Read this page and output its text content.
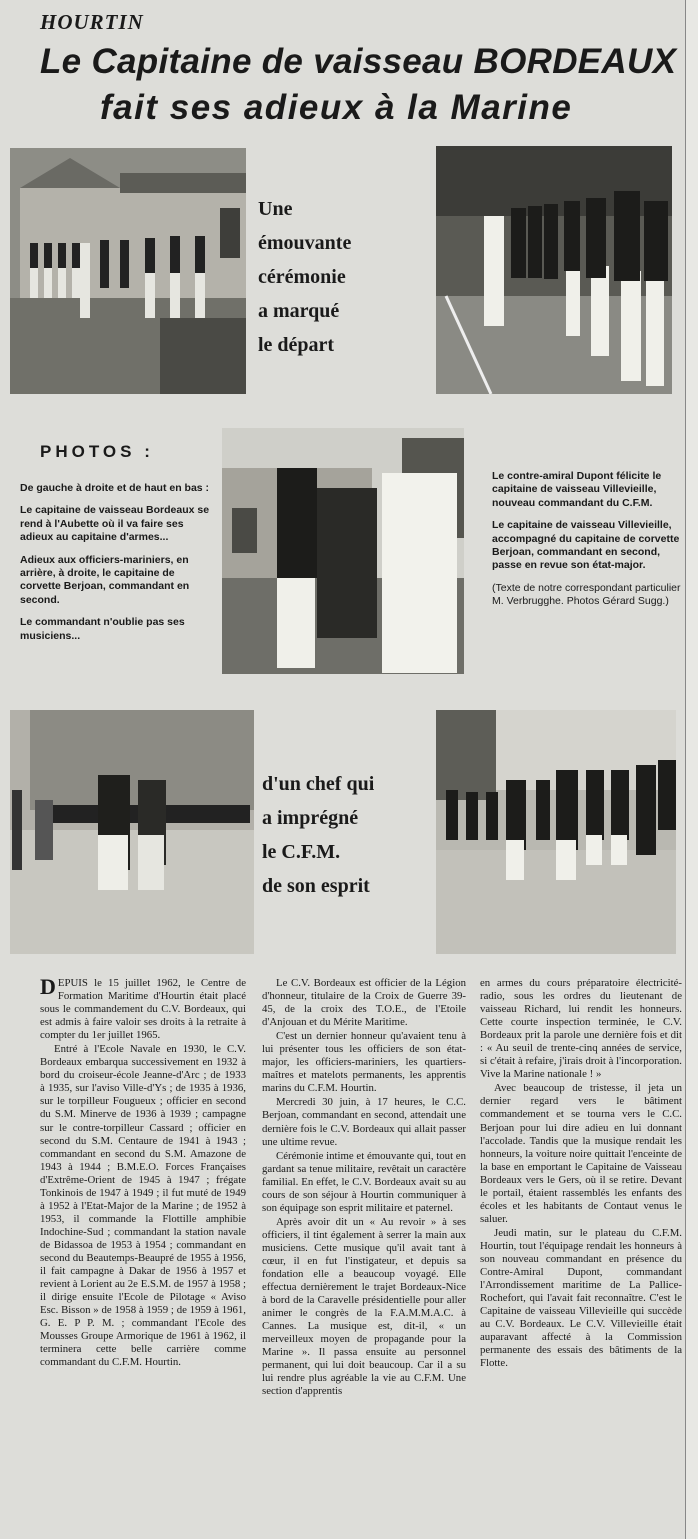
HOURTIN
Le Capitaine de vaisseau BORDEAUX
fait ses adieux à la Marine
Une
émouvante
cérémonie
a marqué
le départ
PHOTOS :

De gauche à droite et de haut en bas :

Le capitaine de vaisseau Bordeaux se rend à l'Aubette où il va faire ses adieux au capitaine d'armes...

Adieux aux officiers-mariniers, en arrière, à droite, le capitaine de corvette Berjoan, commandant en second.

Le commandant n'oublie pas ses musiciens...

Le contre-amiral Dupont félicite le capitaine de vaisseau Villevieille, nouveau commandant du C.F.M.

Le capitaine de vaisseau Villevieille, accompagné du capitaine de corvette Berjoan, commandant en second, passe en revue son état-major.

(Texte de notre correspondant particulier M. Verbrugghe. Photos Gérard Sugg.)

d'un chef qui
a imprégné
le C.F.M.
de son esprit

DEPUIS le 15 juillet 1962, le Centre de Formation Maritime d'Hourtin était placé sous le commandement du C.V. Bordeaux, qui est admis à faire valoir ses droits à la retraite à compter du 1er juillet 1965.

Entré à l'Ecole Navale en 1930, le C.V. Bordeaux embarqua successivement en 1932 à bord du croiseur-école Jeanne-d'Arc ; de 1933 à 1935, sur l'aviso Ville-d'Ys ; de 1935 à 1936, sur le torpilleur Fougueux ; officier en second du S.M. Minerve de 1936 à 1939 ; campagne sur le contre-torpilleur Cassard ; officier en second du S.M. Centaure de 1941 à 1943 ; commandant en second du S.M. Amazone de 1943 à 1944 ; B.M.E.O. Forces Françaises d'Extrême-Orient de 1945 à 1947 ; frégate Tonkinois de 1947 à 1949 ; il fut muté de 1949 à 1952 à l'Etat-Major de la Marine ; de 1952 à 1953, il commande la Flottille amphibie Indochine-Sud ; commandant la station navale de Bidassoa de 1953 à 1954 ; commandant en second du Beautemps-Beaupré de 1955 à 1956, il fait campagne à Dakar de 1956 à 1957 et revient à Lorient au 2e E.S.M. de 1957 à 1958 ; il dirige ensuite l'Ecole de Pilotage « Aviso Esc. Bisson » de 1958 à 1959 ; de 1959 à 1961, G. E. P P. M. ; commandant l'Ecole des Mousses Groupe Armorique de 1961 à 1962, il terminera cette belle carrière comme commandant du C.F.M. Hourtin.

Le C.V. Bordeaux est officier de la Légion d'honneur, titulaire de la Croix de Guerre 39-45, de la croix des T.O.E., de l'Etoile d'Anjouan et du Mérite Maritime.

C'est un dernier honneur qu'avaient tenu à lui présenter tous les officiers de son état-major, les officiers-mariniers, les quartiers-maîtres et matelots permanents, les apprentis marins du C.F.M. Hourtin.

Mercredi 30 juin, à 17 heures, le C.C. Berjoan, commandant en second, attendait une dernière fois le C.V. Bordeaux qui allait passer une ultime revue.

Cérémonie intime et émouvante qui, tout en gardant sa tenue militaire, revêtait un caractère familial. En effet, le C.V. Bordeaux avait su au cours de son séjour à Hourtin communiquer à son équipage son esprit militaire et paternel.

Après avoir dit un « Au revoir » à ses officiers, il tint également à serrer la main aux musiciens. Cette musique qu'il avait tant à cœur, il en fut l'instigateur, et depuis sa fondation elle a beaucoup voyagé. Elle effectua dernièrement le trajet Bordeaux-Nice à bord de la Caravelle présidentielle pour aller animer le congrès de la F.A.M.M.A.C. à Cannes. La musique est, dit-il, « un merveilleux moyen de propagande pour la Marine ». Il passa ensuite au personnel permanent, qui lui doit beaucoup. Car il a su lui rendre plus agréable la vie au C.F.M. Une section d'apprentis

en armes du cours préparatoire électricité-radio, sous les ordres du lieutenant de vaisseau Richard, lui rendit les honneurs. Cette courte inspection terminée, le C.V. Bordeaux prit la parole une dernière fois et dit : « Au seuil de trente-cinq années de service, si c'était à refaire, j'irais droit à l'incorporation. Vive la Marine nationale ! »

Avec beaucoup de tristesse, il jeta un dernier regard vers le bâtiment commandement et se tourna vers le C.C. Berjoan pour lui dire adieu en lui donnant l'accolade. Tandis que la musique rendait les honneurs, la voiture noire quittait l'enceinte de la base en emportant le Capitaine de Vaisseau Bordeaux vers le Gers, où il se retire. Devant le portail, étaient rassemblés les enfants des écoles et les habitants de Contaut venus le saluer.

Jeudi matin, sur le plateau du C.F.M. Hourtin, tout l'équipage rendait les honneurs à son nouveau commandant en présence du Contre-Amiral Dupont, commandant l'Arrondissement maritime de La Pallice-Rochefort, qui l'avait fait reconnaître. C'est le Capitaine de vaisseau Villevieille qui succède au C.V. Bordeaux. Le C.V. Villevieille était auparavant affecté à la Commission permanente des essais des bâtiments de la Flotte.
